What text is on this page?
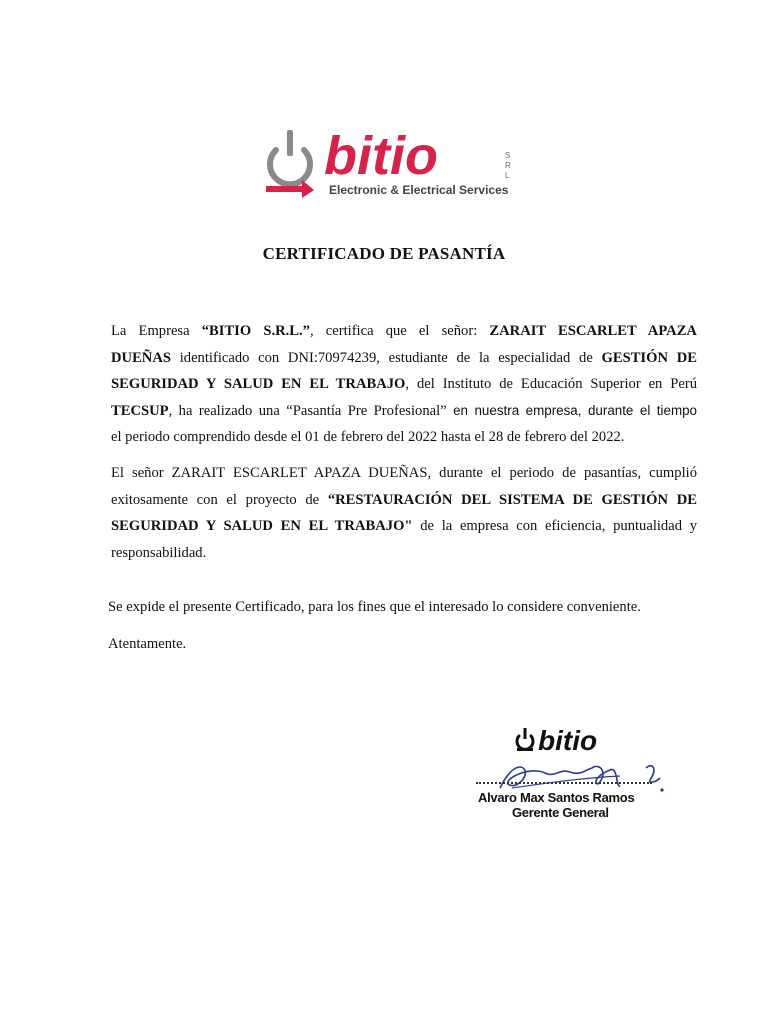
bitio	S
R
L
Electronic & Electrical Services
CERTIFICADO DE PASANTÍA
La Empresa “BITIO S.R.L.”, certifica que el señor: ZARAIT ESCARLET APAZA
DUEÑAS identificado con DNI:70974239, estudiante de la especialidad de GESTIÓN DE
SEGURIDAD Y SALUD EN EL TRABAJO, del Instituto de Educación Superior en Perú
TECSUP, ha realizado una “Pasantía Pre Profesional” en nuestra empresa, durante el tiempo
el periodo comprendido desde el 01 de febrero del 2022 hasta el 28 de febrero del 2022.
El señor ZARAIT ESCARLET APAZA DUEÑAS, durante el periodo de pasantías, cumplió
exitosamente con el proyecto de “RESTAURACIÓN DEL SISTEMA DE GESTIÓN DE
SEGURIDAD Y SALUD EN EL TRABAJO" de la empresa con eficiencia, puntualidad y
responsabilidad.
Se expide el presente Certificado, para los fines que el interesado lo considere conveniente.
Atentamente.
bitio
Alvaro Max Santos Ramos
Gerente General
